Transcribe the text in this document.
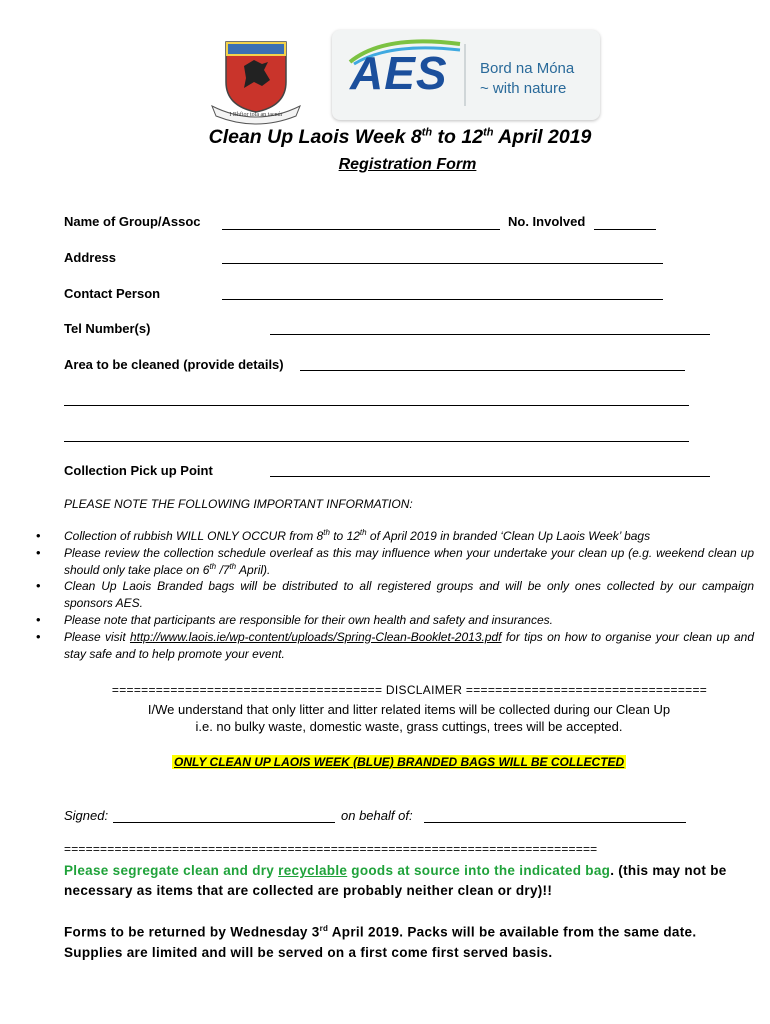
I Bhfior tola an tacnúr
AES Bord na Móna
~ with nature
Clean Up Laois Week 8th to 12th April 2019
Registration Form
Name of Group/Assoc	No. Involved
Address
Contact Person
Tel Number(s)
Area to be cleaned (provide details)
Collection Pick up Point
PLEASE NOTE THE FOLLOWING IMPORTANT INFORMATION:
• Collection of rubbish WILL ONLY OCCUR from 8th to 12th of April 2019 in branded ‘Clean Up Laois Week’ bags
• Please review the collection schedule overleaf as this may influence when your undertake your clean up (e.g. weekend clean up should only take place on 6th /7th April).
• Clean Up Laois Branded bags will be distributed to all registered groups and will be only ones collected by our campaign sponsors AES.
• Please note that participants are responsible for their own health and safety and insurances.
• Please visit http://www.laois.ie/wp-content/uploads/Spring-Clean-Booklet-2013.pdf for tips on how to organise your clean up and stay safe and to help promote your event.
===================================== DISCLAIMER =================================
I/We understand that only litter and litter related items will be collected during our Clean Up
i.e. no bulky waste, domestic waste, grass cuttings, trees will be accepted.
ONLY CLEAN UP LAOIS WEEK (BLUE) BRANDED BAGS WILL BE COLLECTED
Signed:	on behalf of:
==========================================================================
Please segregate clean and dry recyclable goods at source into the indicated bag. (this may not be necessary as items that are collected are probably neither clean or dry)!!
Forms to be returned by Wednesday 3rd April 2019. Packs will be available from the same date. Supplies are limited and will be served on a first come first served basis.
